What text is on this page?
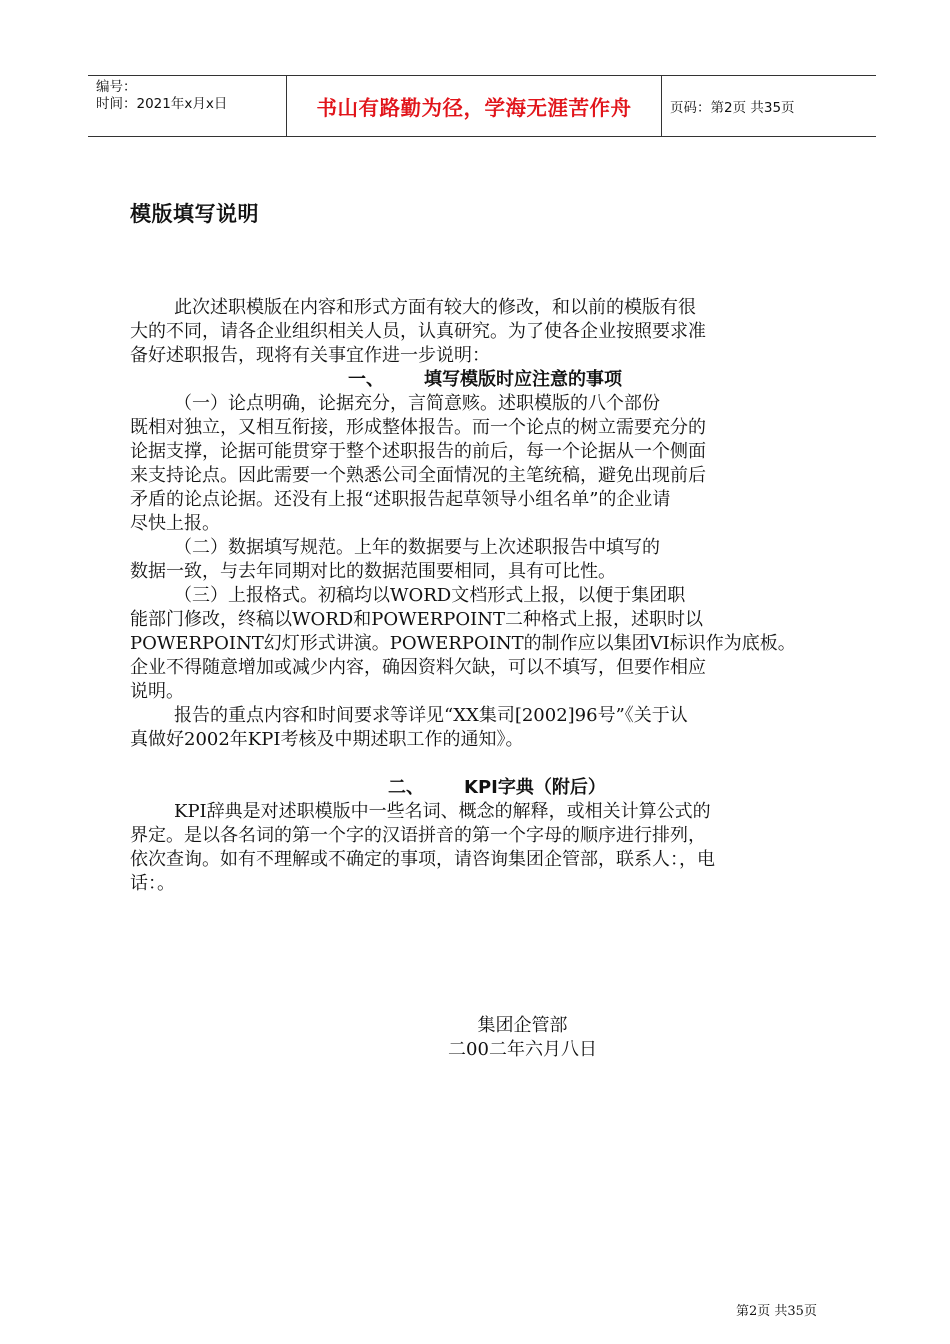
编号：
时间：2021年x月x日	书山有路勤为径，学海无涯苦作舟	页码：第2页 共35页
模版填写说明
此次述职模版在内容和形式方面有较大的修改，和以前的模版有很
大的不同，请各企业组织相关人员，认真研究。为了使各企业按照要求准
备好述职报告，现将有关事宜作进一步说明：
一、 填写模版时应注意的事项
（一）论点明确，论据充分，言简意赅。述职模版的八个部份
既相对独立，又相互衔接，形成整体报告。而一个论点的树立需要充分的
论据支撑，论据可能贯穿于整个述职报告的前后，每一个论据从一个侧面
来支持论点。因此需要一个熟悉公司全面情况的主笔统稿，避免出现前后
矛盾的论点论据。还没有上报“述职报告起草领导小组名单”的企业请
尽快上报。
（二）数据填写规范。上年的数据要与上次述职报告中填写的
数据一致，与去年同期对比的数据范围要相同，具有可比性。
（三）上报格式。初稿均以WORD文档形式上报，以便于集团职
能部门修改，终稿以WORD和POWERPOINT二种格式上报，述职时以
POWERPOINT幻灯形式讲演。POWERPOINT的制作应以集团VI标识作为底板。
企业不得随意增加或减少内容，确因资料欠缺，可以不填写，但要作相应
说明。
报告的重点内容和时间要求等详见“XX集司[2002]96号”《关于认
真做好2002年KPI考核及中期述职工作的通知》。
二、 KPI字典（附后）
KPI辞典是对述职模版中一些名词、概念的解释，或相关计算公式的
界定。是以各名词的第一个字的汉语拼音的第一个字母的顺序进行排列，
依次查询。如有不理解或不确定的事项，请咨询集团企管部，联系人：，电
话：。
集团企管部
二00二年六月八日
第2页 共35页
